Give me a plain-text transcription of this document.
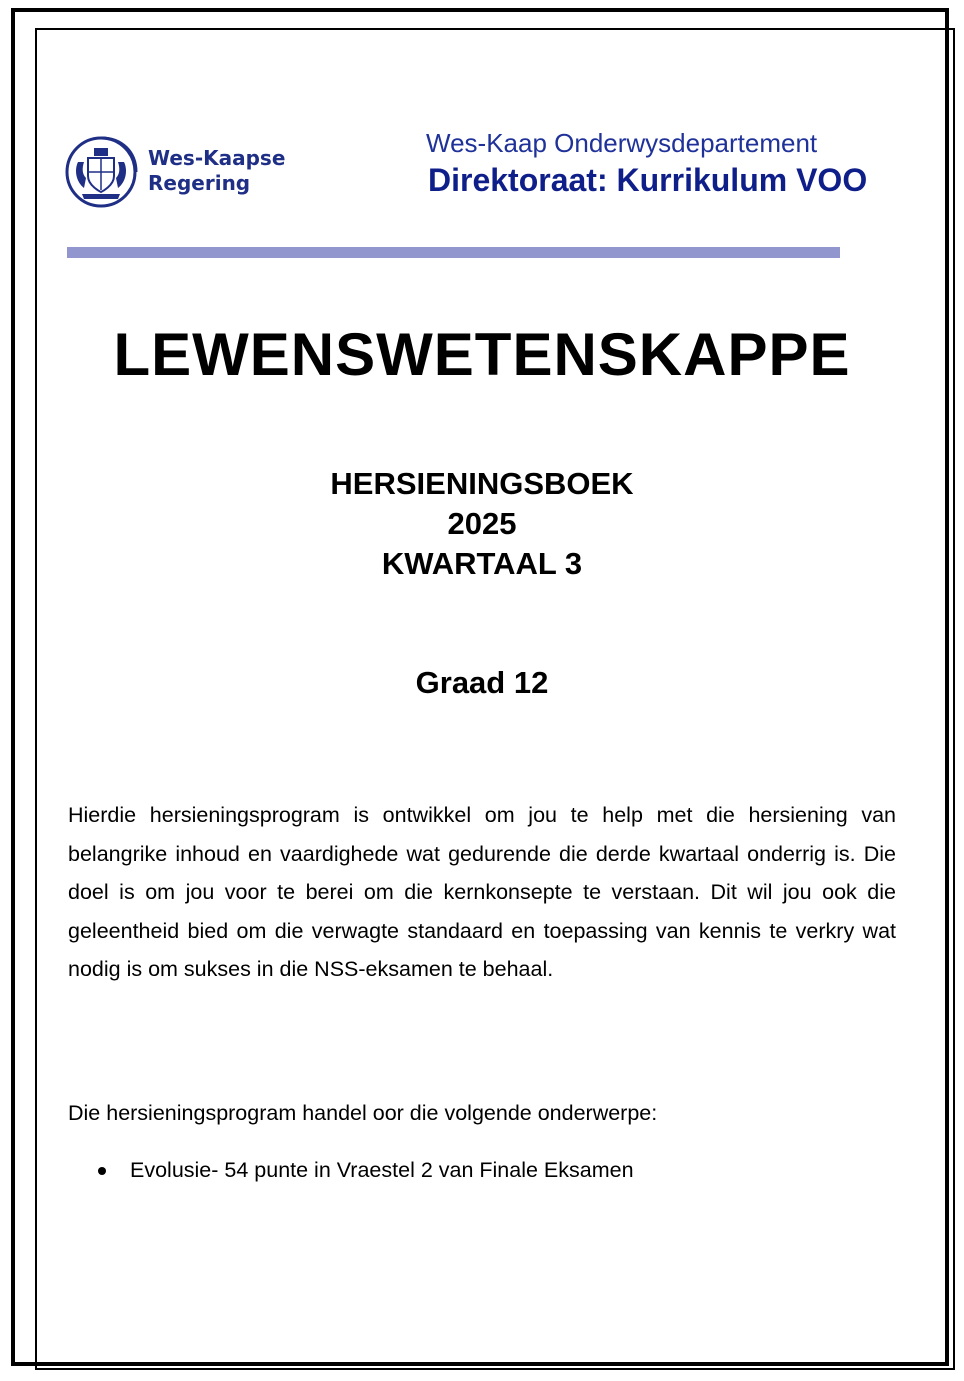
Wes-Kaapse
Regering
Wes-Kaap Onderwysdepartement
Direktoraat: Kurrikulum VOO
LEWENSWETENSKAPPE
HERSIENINGSBOEK
2025
KWARTAAL 3
Graad 12

Hierdie hersieningsprogram is ontwikkel om jou te help met die hersiening van belangrike inhoud en vaardighede wat gedurende die derde kwartaal onderrig is. Die doel is om jou voor te berei om die kernkonsepte te verstaan. Dit wil jou ook die geleentheid bied om die verwagte standaard en toepassing van kennis te verkry wat nodig is om sukses in die NSS-eksamen te behaal.

Die hersieningsprogram handel oor die volgende onderwerpe:
Evolusie- 54 punte in Vraestel 2 van Finale Eksamen
